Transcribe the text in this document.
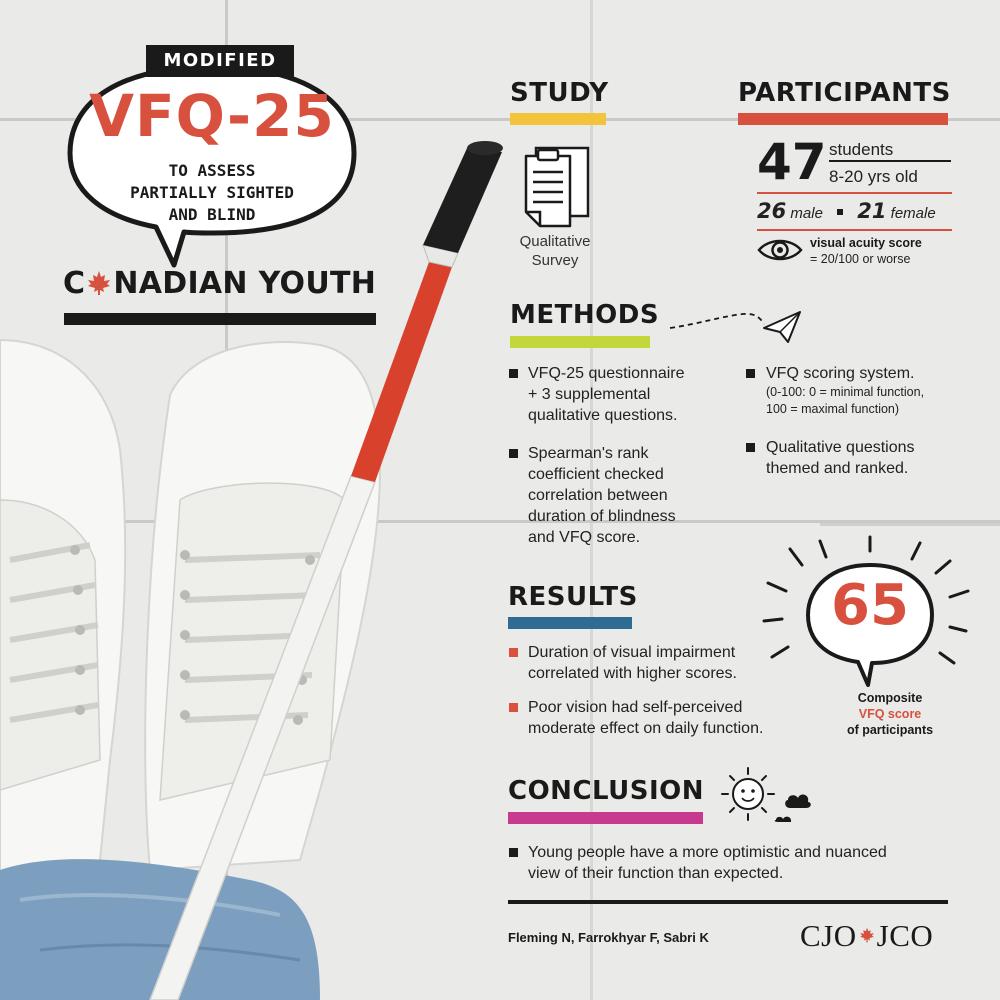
MODIFIED
VFQ-25
TO ASSESS
PARTIALLY SIGHTED
AND BLIND
C NADIAN YOUTH
STUDY
Qualitative
Survey
PARTICIPANTS
47 students
8-20 yrs old
26 male 21 female
visual acuity score
= 20/100 or worse
METHODS
VFQ-25 questionnaire
+ 3 supplemental
qualitative questions.
Spearman's rank
coefficient checked
correlation between
duration of blindness
and VFQ score.
VFQ scoring system.
(0-100: 0 = minimal function,
100 = maximal function)
Qualitative questions
themed and ranked.
RESULTS
Duration of visual impairment
correlated with higher scores.
Poor vision had self-perceived
moderate effect on daily function.
65
Composite
VFQ score
of participants
CONCLUSION
Young people have a more optimistic and nuanced
view of their function than expected.
Fleming N, Farrokhyar F, Sabri K	CJO JCO
